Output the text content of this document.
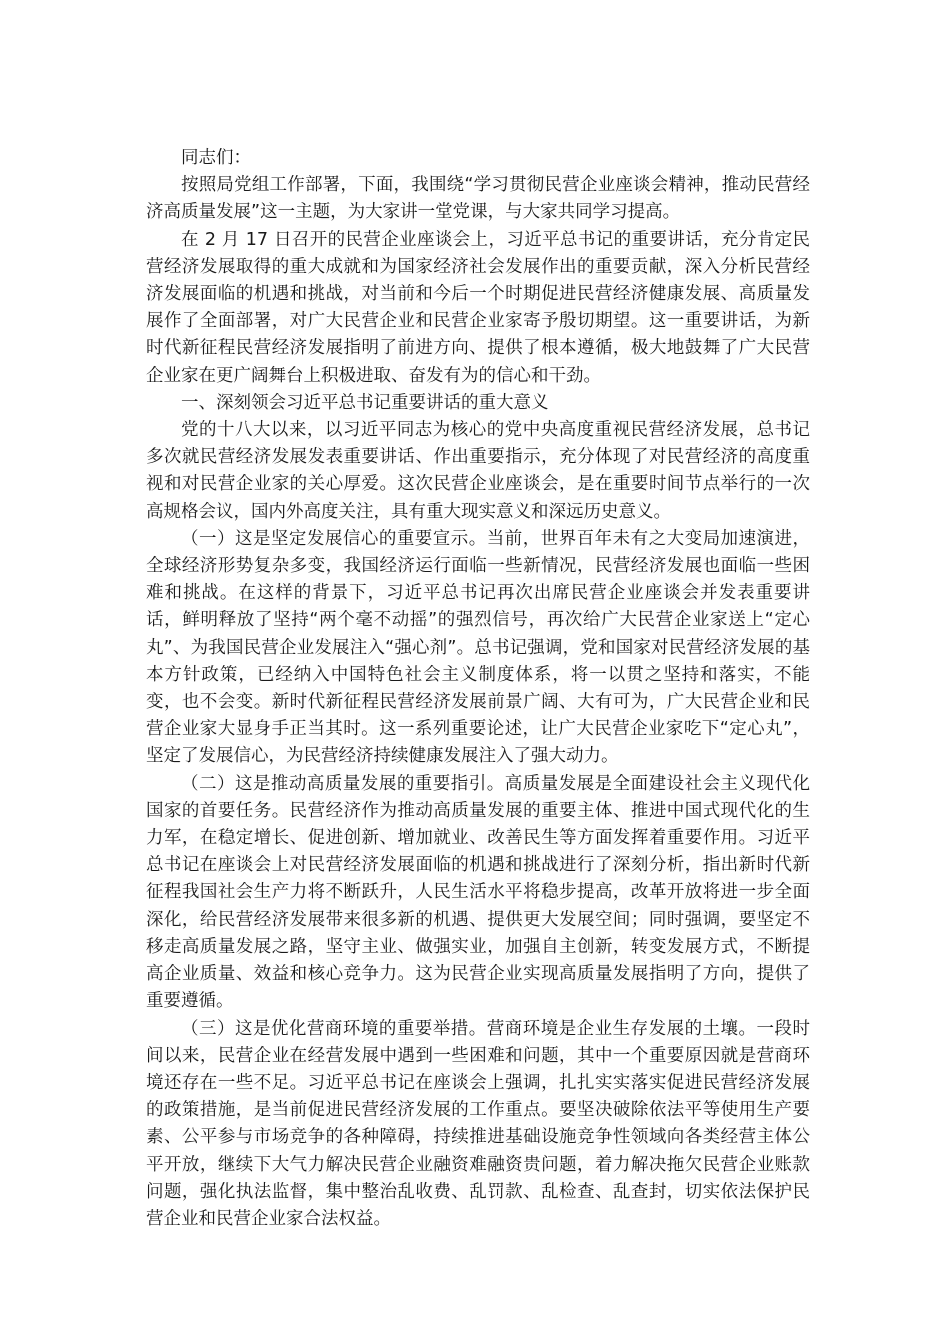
同志们：

按照局党组工作部署，下面，我围绕“学习贯彻民营企业座谈会精神，推动民营经济高质量发展”这一主题，为大家讲一堂党课，与大家共同学习提高。

在 2 月 17 日召开的民营企业座谈会上，习近平总书记的重要讲话，充分肯定民营经济发展取得的重大成就和为国家经济社会发展作出的重要贡献，深入分析民营经济发展面临的机遇和挑战，对当前和今后一个时期促进民营经济健康发展、高质量发展作了全面部署，对广大民营企业和民营企业家寄予殷切期望。这一重要讲话，为新时代新征程民营经济发展指明了前进方向、提供了根本遵循，极大地鼓舞了广大民营企业家在更广阔舞台上积极进取、奋发有为的信心和干劲。

一、深刻领会习近平总书记重要讲话的重大意义

党的十八大以来，以习近平同志为核心的党中央高度重视民营经济发展，总书记多次就民营经济发展发表重要讲话、作出重要指示，充分体现了对民营经济的高度重视和对民营企业家的关心厚爱。这次民营企业座谈会，是在重要时间节点举行的一次高规格会议，国内外高度关注，具有重大现实意义和深远历史意义。

（一）这是坚定发展信心的重要宣示。当前，世界百年未有之大变局加速演进，全球经济形势复杂多变，我国经济运行面临一些新情况，民营经济发展也面临一些困难和挑战。在这样的背景下，习近平总书记再次出席民营企业座谈会并发表重要讲话，鲜明释放了坚持“两个毫不动摇”的强烈信号，再次给广大民营企业家送上“定心丸”、为我国民营企业发展注入“强心剂”。总书记强调，党和国家对民营经济发展的基本方针政策，已经纳入中国特色社会主义制度体系，将一以贯之坚持和落实，不能变，也不会变。新时代新征程民营经济发展前景广阔、大有可为，广大民营企业和民营企业家大显身手正当其时。这一系列重要论述，让广大民营企业家吃下“定心丸”，坚定了发展信心，为民营经济持续健康发展注入了强大动力。

（二）这是推动高质量发展的重要指引。高质量发展是全面建设社会主义现代化国家的首要任务。民营经济作为推动高质量发展的重要主体、推进中国式现代化的生力军，在稳定增长、促进创新、增加就业、改善民生等方面发挥着重要作用。习近平总书记在座谈会上对民营经济发展面临的机遇和挑战进行了深刻分析，指出新时代新征程我国社会生产力将不断跃升，人民生活水平将稳步提高，改革开放将进一步全面深化，给民营经济发展带来很多新的机遇、提供更大发展空间；同时强调，要坚定不移走高质量发展之路，坚守主业、做强实业，加强自主创新，转变发展方式，不断提高企业质量、效益和核心竞争力。这为民营企业实现高质量发展指明了方向，提供了重要遵循。

（三）这是优化营商环境的重要举措。营商环境是企业生存发展的土壤。一段时间以来，民营企业在经营发展中遇到一些困难和问题，其中一个重要原因就是营商环境还存在一些不足。习近平总书记在座谈会上强调，扎扎实实落实促进民营经济发展的政策措施，是当前促进民营经济发展的工作重点。要坚决破除依法平等使用生产要素、公平参与市场竞争的各种障碍，持续推进基础设施竞争性领域向各类经营主体公平开放，继续下大气力解决民营企业融资难融资贵问题，着力解决拖欠民营企业账款问题，强化执法监督，集中整治乱收费、乱罚款、乱检查、乱查封，切实依法保护民营企业和民营企业家合法权益。
